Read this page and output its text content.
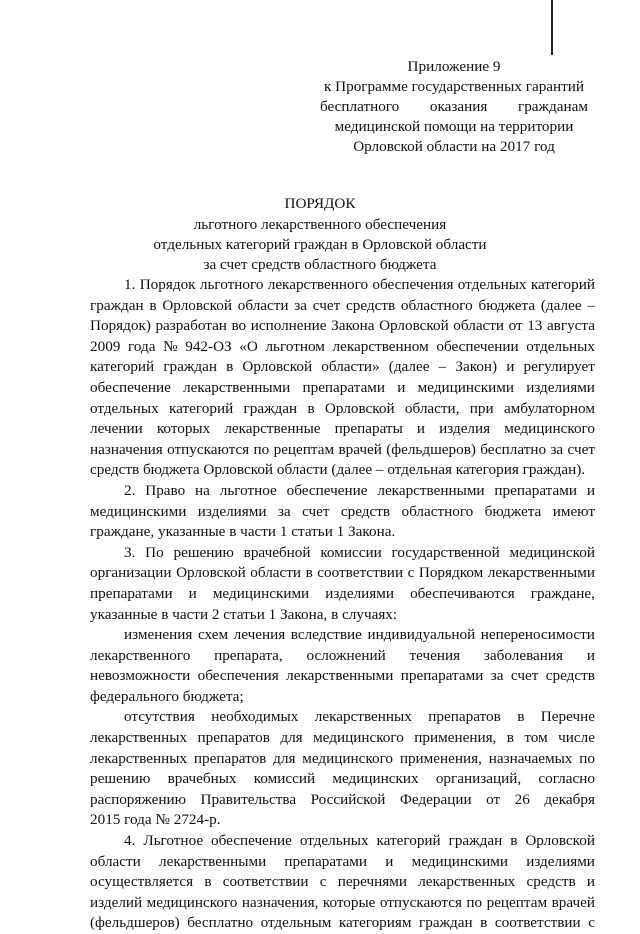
Приложение 9
к Программе государственных гарантий
бесплатного оказания гражданам
медицинской помощи на территории
Орловской области на 2017 год
ПОРЯДОК
льготного лекарственного обеспечения
отдельных категорий граждан в Орловской области
за счет средств областного бюджета
1. Порядок льготного лекарственного обеспечения отдельных категорий
граждан в Орловской области за счет средств областного бюджета (далее –
Порядок) разработан во исполнение Закона Орловской области от 13 августа
2009 года № 942-ОЗ «О льготном лекарственном обеспечении отдельных
категорий граждан в Орловской области» (далее – Закон) и регулирует
обеспечение лекарственными препаратами и медицинскими изделиями
отдельных категорий граждан в Орловской области, при амбулаторном
лечении которых лекарственные препараты и изделия медицинского
назначения отпускаются по рецептам врачей (фельдшеров) бесплатно за счет
средств бюджета Орловской области (далее – отдельная категория граждан).
2. Право на льготное обеспечение лекарственными препаратами и
медицинскими изделиями за счет средств областного бюджета имеют
граждане, указанные в части 1 статьи 1 Закона.
3. По решению врачебной комиссии государственной медицинской
организации Орловской области в соответствии с Порядком лекарственными
препаратами и медицинскими изделиями обеспечиваются граждане,
указанные в части 2 статьи 1 Закона, в случаях:
изменения схем лечения вследствие индивидуальной непереносимости
лекарственного препарата, осложнений течения заболевания и
невозможности обеспечения лекарственными препаратами за счет средств
федерального бюджета;
отсутствия необходимых лекарственных препаратов в Перечне
лекарственных препаратов для медицинского применения, в том числе
лекарственных препаратов для медицинского применения, назначаемых по
решению врачебных комиссий медицинских организаций, согласно
распоряжению Правительства Российской Федерации от 26 декабря
2015 года № 2724-р.
4. Льготное обеспечение отдельных категорий граждан в Орловской
области лекарственными препаратами и медицинскими изделиями
осуществляется в соответствии с перечнями лекарственных средств и
изделий медицинского назначения, которые отпускаются по рецептам врачей
(фельдшеров) бесплатно отдельным категориям граждан в соответствии с
